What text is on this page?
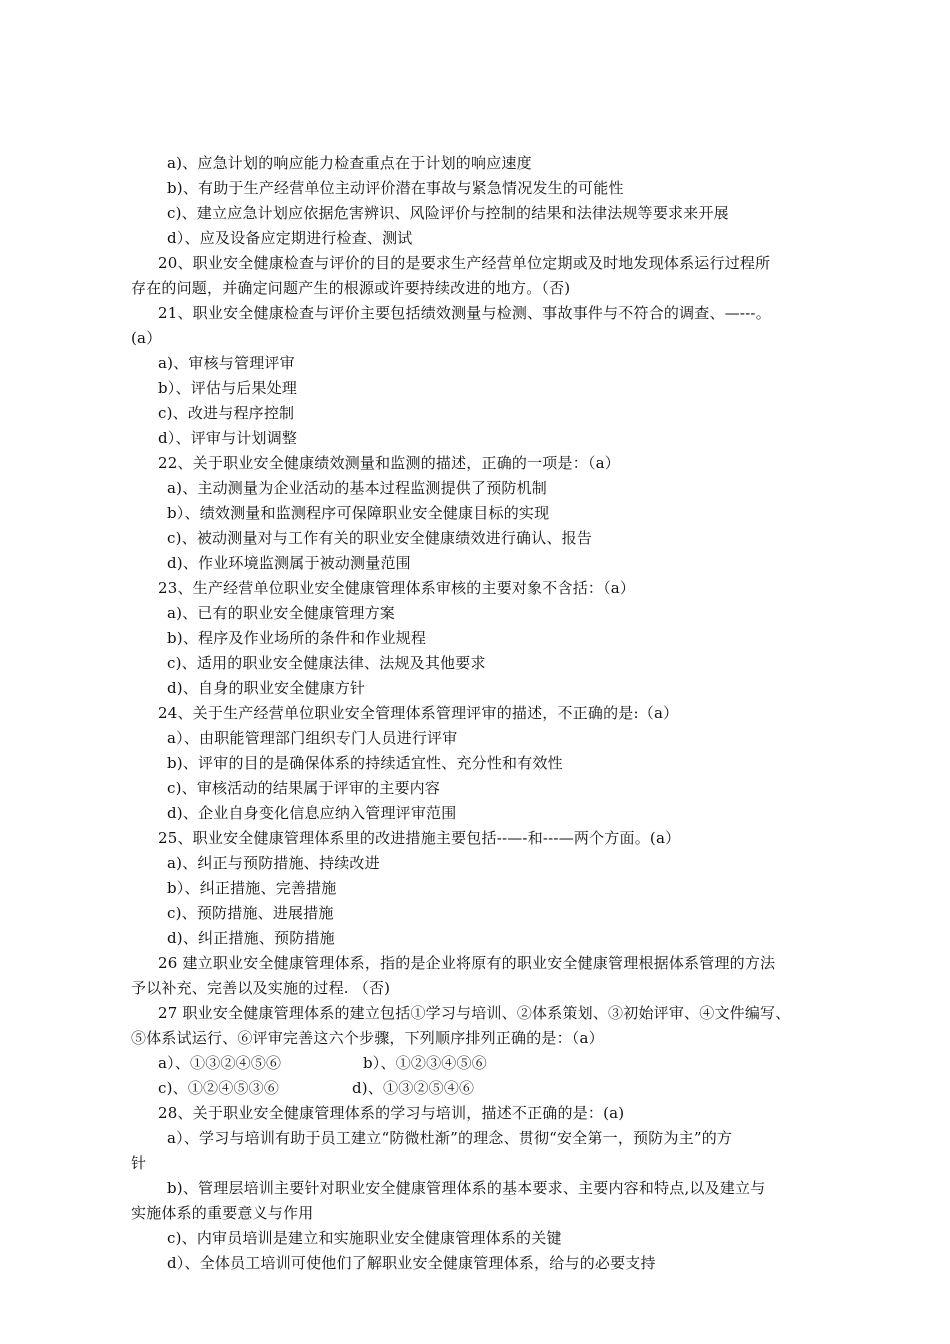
a)、应急计划的响应能力检查重点在于计划的响应速度
b)、有助于生产经营单位主动评价潜在事故与紧急情况发生的可能性
c)、建立应急计划应依据危害辨识、风险评价与控制的结果和法律法规等要求来开展
d）、应及设备应定期进行检查、测试
20、职业安全健康检查与评价的目的是要求生产经营单位定期或及时地发现体系运行过程所
存在的问题，并确定问题产生的根源或许要持续改进的地方。（否)
21、职业安全健康检查与评价主要包括绩效测量与检测、事故事件与不符合的调查、—---。
(a）
a)、审核与管理评审
b）、评估与后果处理
c)、改进与程序控制
d）、评审与计划调整
22、关于职业安全健康绩效测量和监测的描述，正确的一项是：（a）
a)、主动测量为企业活动的基本过程监测提供了预防机制
b）、绩效测量和监测程序可保障职业安全健康目标的实现
c)、被动测量对与工作有关的职业安全健康绩效进行确认、报告
d)、作业环境监测属于被动测量范围
23、生产经营单位职业安全健康管理体系审核的主要对象不含括：（a）
a)、已有的职业安全健康管理方案
b)、程序及作业场所的条件和作业规程
c)、适用的职业安全健康法律、法规及其他要求
d)、自身的职业安全健康方针
24、关于生产经营单位职业安全管理体系管理评审的描述，不正确的是:（a）
a）、由职能管理部门组织专门人员进行评审
b)、评审的目的是确保体系的持续适宜性、充分性和有效性
c)、审核活动的结果属于评审的主要内容
d)、企业自身变化信息应纳入管理评审范围
25、职业安全健康管理体系里的改进措施主要包括--—-和---—两个方面。(a）
a)、纠正与预防措施、持续改进
b）、纠正措施、完善措施
c)、预防措施、进展措施
d)、纠正措施、预防措施
26 建立职业安全健康管理体系，指的是企业将原有的职业安全健康管理根据体系管理的方法
予以补充、完善以及实施的过程. （否)
27 职业安全健康管理体系的建立包括①学习与培训、②体系策划、③初始评审、④文件编写、
⑤体系试运行、⑥评审完善这六个步骤，下列顺序排列正确的是：（a）
a）、①③②④⑤⑥	b）、①②③④⑤⑥
c)、①②④⑤③⑥	d)、①③②⑤④⑥
28、关于职业安全健康管理体系的学习与培训，描述不正确的是：(a)
a）、学习与培训有助于员工建立“防微杜渐”的理念、贯彻“安全第一，预防为主”的方
针
b)、管理层培训主要针对职业安全健康管理体系的基本要求、主要内容和特点,以及建立与
实施体系的重要意义与作用
c)、内审员培训是建立和实施职业安全健康管理体系的关键
d）、全体员工培训可使他们了解职业安全健康管理体系，给与的必要支持
